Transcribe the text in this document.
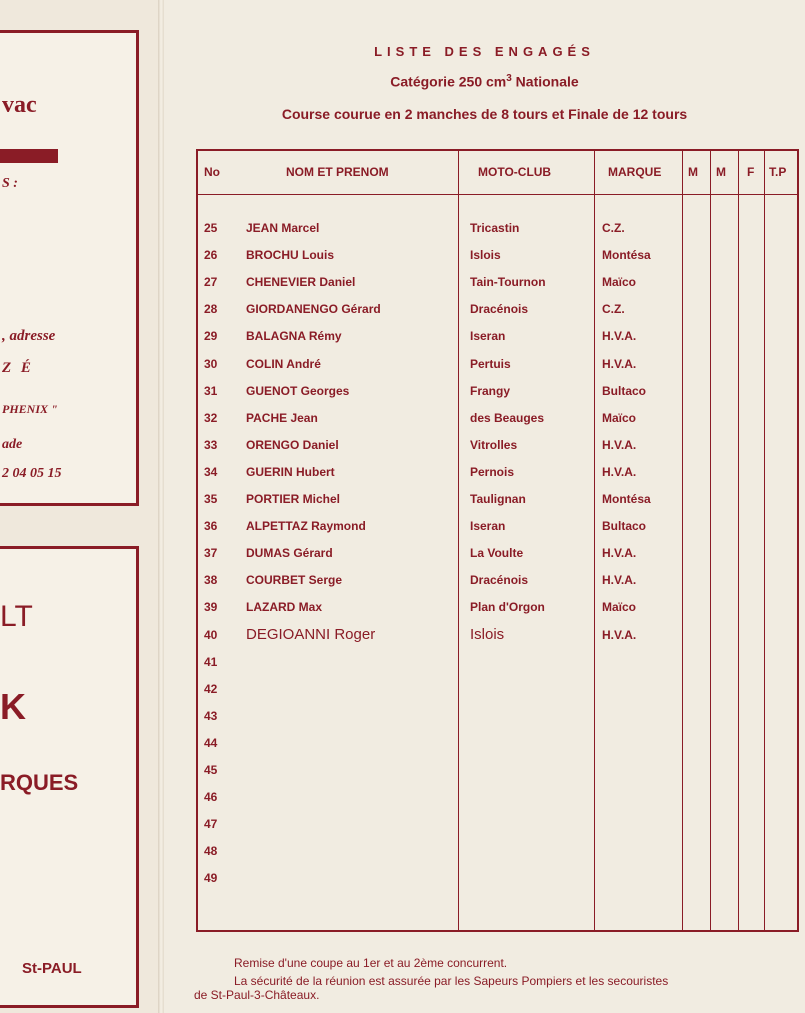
vac
S :
, adresse
Z É
PHENIX "
ade
2 04 05 15
LT
K
RQUES
St-PAUL
LISTE DES ENGAGÉS
Catégorie 250 $cm^3$ Nationale
Course courue en 2 manches de 8 tours et Finale de 12 tours
No	NOM ET PRENOM	MOTO-CLUB	MARQUE M M F T.P
25 JEAN Marcel	Tricastin	C.Z.
26 BROCHU Louis	Islois	Montésa
27 CHENEVIER Daniel	Tain-Tournon	Maïco
28 GIORDANENGO Gérard	Dracénois	C.Z.
29 BALAGNA Rémy	Iseran	H.V.A.
30 COLIN André	Pertuis	H.V.A.
31 GUENOT Georges	Frangy	Bultaco
32 PACHE Jean	des Beauges	Maïco
33 ORENGO Daniel	Vitrolles	H.V.A.
34 GUERIN Hubert	Pernois	H.V.A.
35 PORTIER Michel	Taulignan	Montésa
36 ALPETTAZ Raymond	Iseran	Bultaco
37 DUMAS Gérard	La Voulte	H.V.A.
38 COURBET Serge	Dracénois	H.V.A.
39 LAZARD Max	Plan d'Orgon	Maïco
40 DEGIOANNI Roger	Islois	H.V.A.
41
42
43
44
45
46
47
48
49
Remise d'une coupe au 1er et au 2ème concurrent.
La sécurité de la réunion est assurée par les Sapeurs Pompiers et les secouristes
de St-Paul-3-Châteaux.
